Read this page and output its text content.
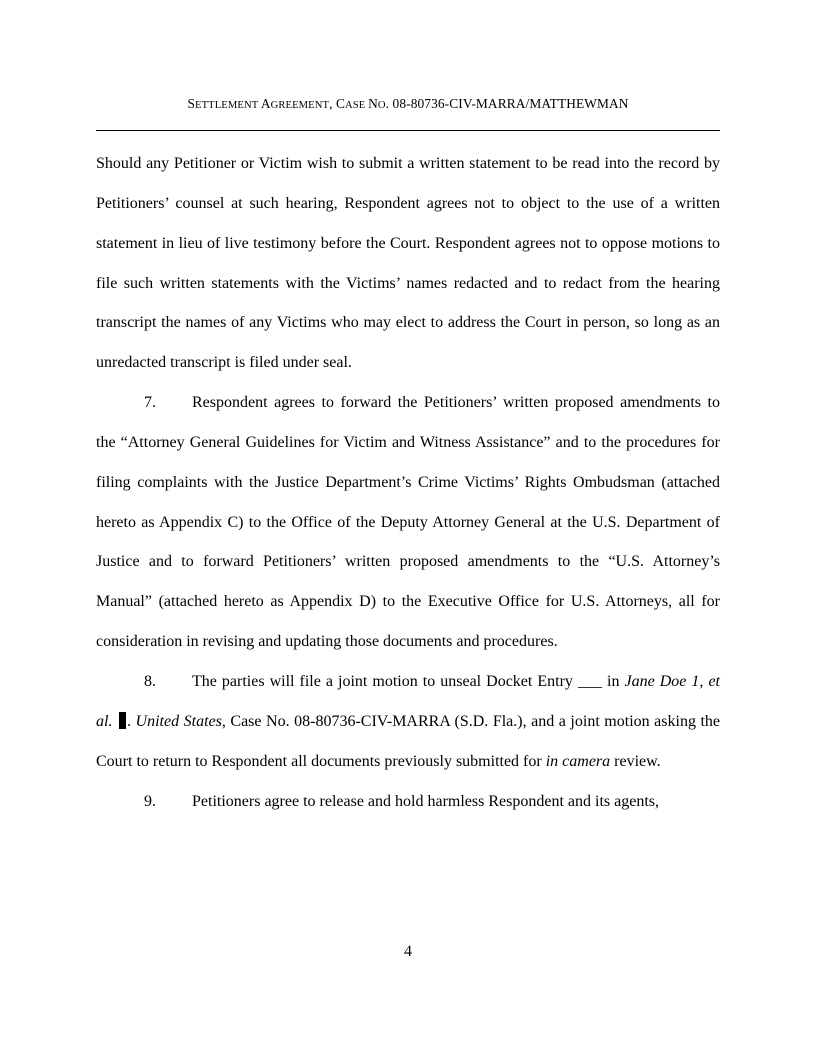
SETTLEMENT AGREEMENT, CASE NO. 08-80736-CIV-MARRA/MATTHEWMAN

Should any Petitioner or Victim wish to submit a written statement to be read into the record by Petitioners’ counsel at such hearing, Respondent agrees not to object to the use of a written statement in lieu of live testimony before the Court. Respondent agrees not to oppose motions to file such written statements with the Victims’ names redacted and to redact from the hearing transcript the names of any Victims who may elect to address the Court in person, so long as an unredacted transcript is filed under seal.

7. Respondent agrees to forward the Petitioners’ written proposed amendments to the “Attorney General Guidelines for Victim and Witness Assistance” and to the procedures for filing complaints with the Justice Department’s Crime Victims’ Rights Ombudsman (attached hereto as Appendix C) to the Office of the Deputy Attorney General at the U.S. Department of Justice and to forward Petitioners’ written proposed amendments to the “U.S. Attorney’s Manual” (attached hereto as Appendix D) to the Executive Office for U.S. Attorneys, all for consideration in revising and updating those documents and procedures.

8. The parties will file a joint motion to unseal Docket Entry ___ in Jane Doe 1, et al. . United States, Case No. 08-80736-CIV-MARRA (S.D. Fla.), and a joint motion asking the Court to return to Respondent all documents previously submitted for in camera review.

9. Petitioners agree to release and hold harmless Respondent and its agents,

4
